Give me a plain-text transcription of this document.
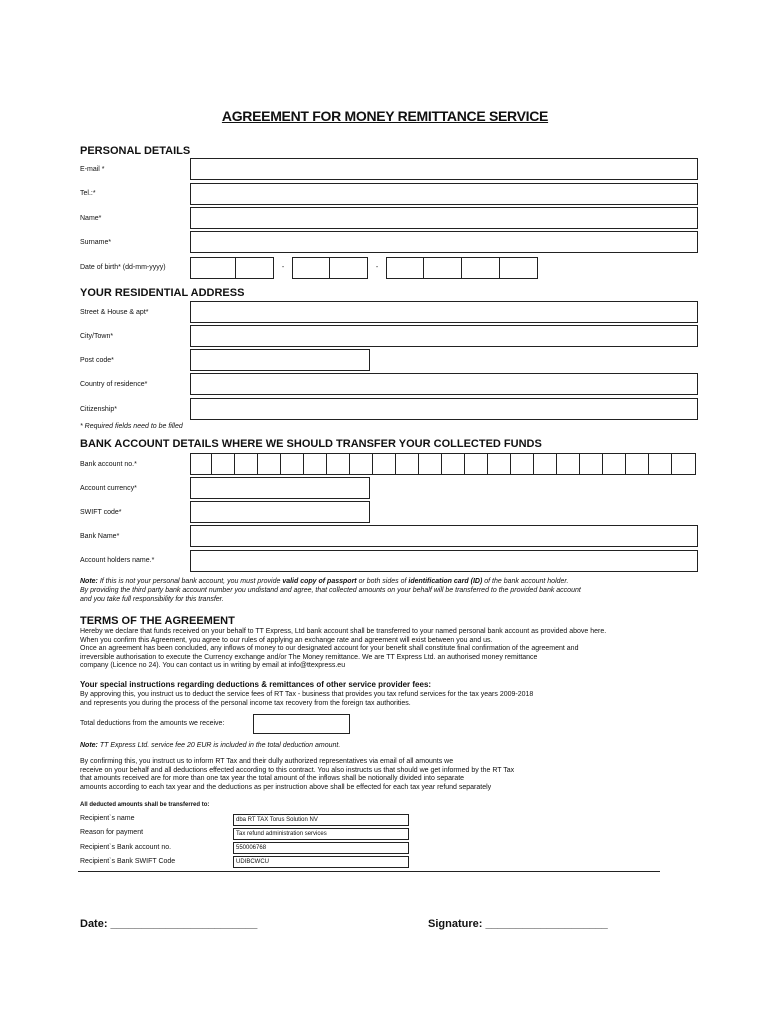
AGREEMENT FOR MONEY REMITTANCE SERVICE
PERSONAL DETAILS
E-mail *
Tel.:*
Name*
Surname*
Date of birth* (dd-mm-yyyy)	-	-
YOUR RESIDENTIAL ADDRESS
Street & House & apt*
City/Town*
Post code*
Country of residence*
Citizenship*
* Required fields need to be filled
BANK ACCOUNT DETAILS WHERE WE SHOULD TRANSFER YOUR COLLECTED FUNDS
Bank account no.*
Account currency*
SWIFT code*
Bank Name*
Account holders name.*
Note: If this is not your personal bank account, you must provide valid copy of passport or both sides of identification card (ID) of the bank account holder.
By providing the third party bank account number you undistand and agree, that collected amounts on your behalf will be transferred to the provided bank account
and you take full responsibility for this transfer.
TERMS OF THE AGREEMENT
Hereby we declare that funds received on your behalf to TT Express, Ltd bank account shall be transferred to your named personal bank account as provided above here.
When you confirm this Agreement, you agree to our rules of applying an exchange rate and agreement will exist between you and us.
Once an agreement has been concluded, any inflows of money to our designated account for your benefit shall constitute final confirmation of the agreement and
irreversible authorisation to execute the Currency exchange and/or The Money remittance. We are TT Express Ltd. an authorised money remittance
company (Licence no 24). You can contact us in writing by email at info@ttexpress.eu
Your special instructions regarding deductions & remittances of other service provider fees:
By approving this, you instruct us to deduct the service fees of RT Tax - business that provides you tax refund services for the tax years 2009-2018
and represents you during the process of the personal income tax recovery from the foreign tax authorities.
Total deductions from the amounts we receive:
Note: TT Express Ltd. service fee 20 EUR is included in the total deduction amount.
By confirming this, you instruct us to inform RT Tax and their dully authorized representatives via email of all amounts we
receive on your behalf and all deductions effected according to this contract. You also instructs us that should we get informed by the RT Tax
that amounts received are for more than one tax year the total amount of the inflows shall be notionally divided into separate
amounts according to each tax year and the deductions as per instruction above shall be effected for each tax year refund separately
All deducted amounts shall be transferred to:
Recipient`s name	dba RT TAX Torus Solution NV
Reason for payment	Tax refund administration services
Recipient`s Bank account no.	550006768
Recipient`s Bank SWIFT Code	UDIBCWCU
Date: ________________________	Signature: ____________________
